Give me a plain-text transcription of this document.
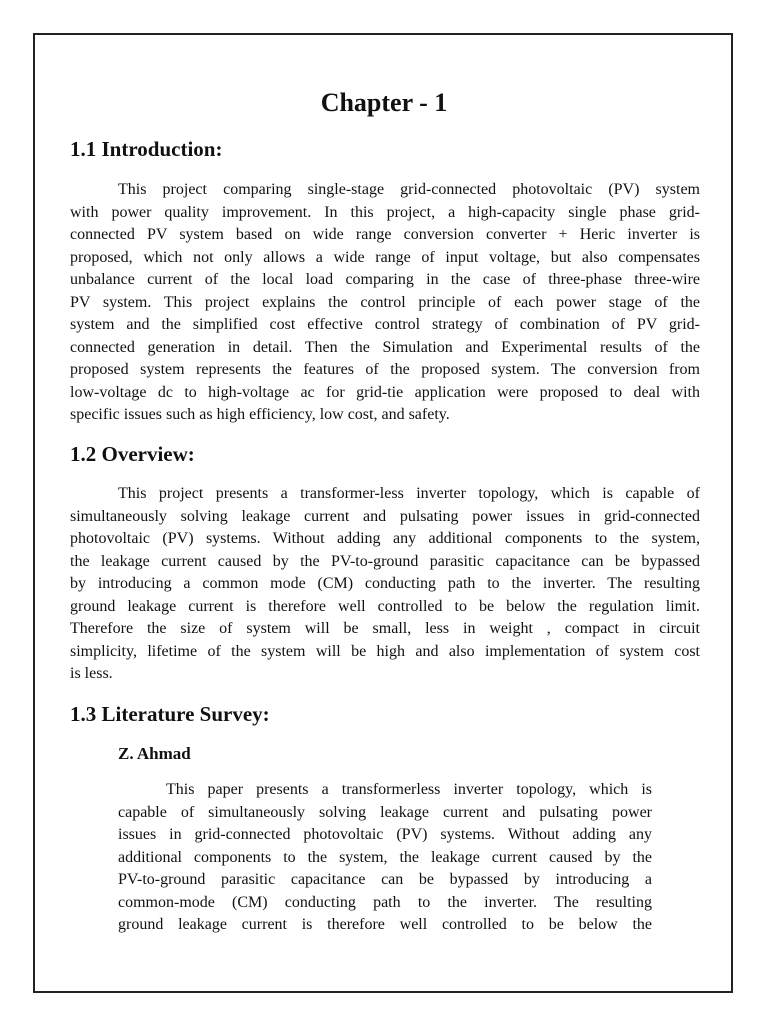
Chapter - 1
1.1 Introduction:
This project comparing single-stage grid-connected photovoltaic (PV) system
with power quality improvement. In this project, a high-capacity single phase grid-
connected PV system based on wide range conversion converter + Heric inverter is
proposed, which not only allows a wide range of input voltage, but also compensates
unbalance current of the local load comparing in the case of three-phase three-wire
PV system. This project explains the control principle of each power stage of the
system and the simplified cost effective control strategy of combination of PV grid-
connected generation in detail. Then the Simulation and Experimental results of the
proposed system represents the features of the proposed system. The conversion from
low-voltage dc to high-voltage ac for grid-tie application were proposed to deal with
specific issues such as high efficiency, low cost, and safety.
1.2 Overview:
This project presents a transformer-less inverter topology, which is capable of
simultaneously solving leakage current and pulsating power issues in grid-connected
photovoltaic (PV) systems. Without adding any additional components to the system,
the leakage current caused by the PV-to-ground parasitic capacitance can be bypassed
by introducing a common mode (CM) conducting path to the inverter. The resulting
ground leakage current is therefore well controlled to be below the regulation limit.
Therefore the size of system will be small, less in weight , compact in circuit
simplicity, lifetime of the system will be high and also implementation of system cost
is less.
1.3 Literature Survey:
Z. Ahmad
This paper presents a transformerless inverter topology, which is
capable of simultaneously solving leakage current and pulsating power
issues in grid-connected photovoltaic (PV) systems. Without adding any
additional components to the system, the leakage current caused by the
PV-to-ground parasitic capacitance can be bypassed by introducing a
common-mode (CM) conducting path to the inverter. The resulting
ground leakage current is therefore well controlled to be below the
